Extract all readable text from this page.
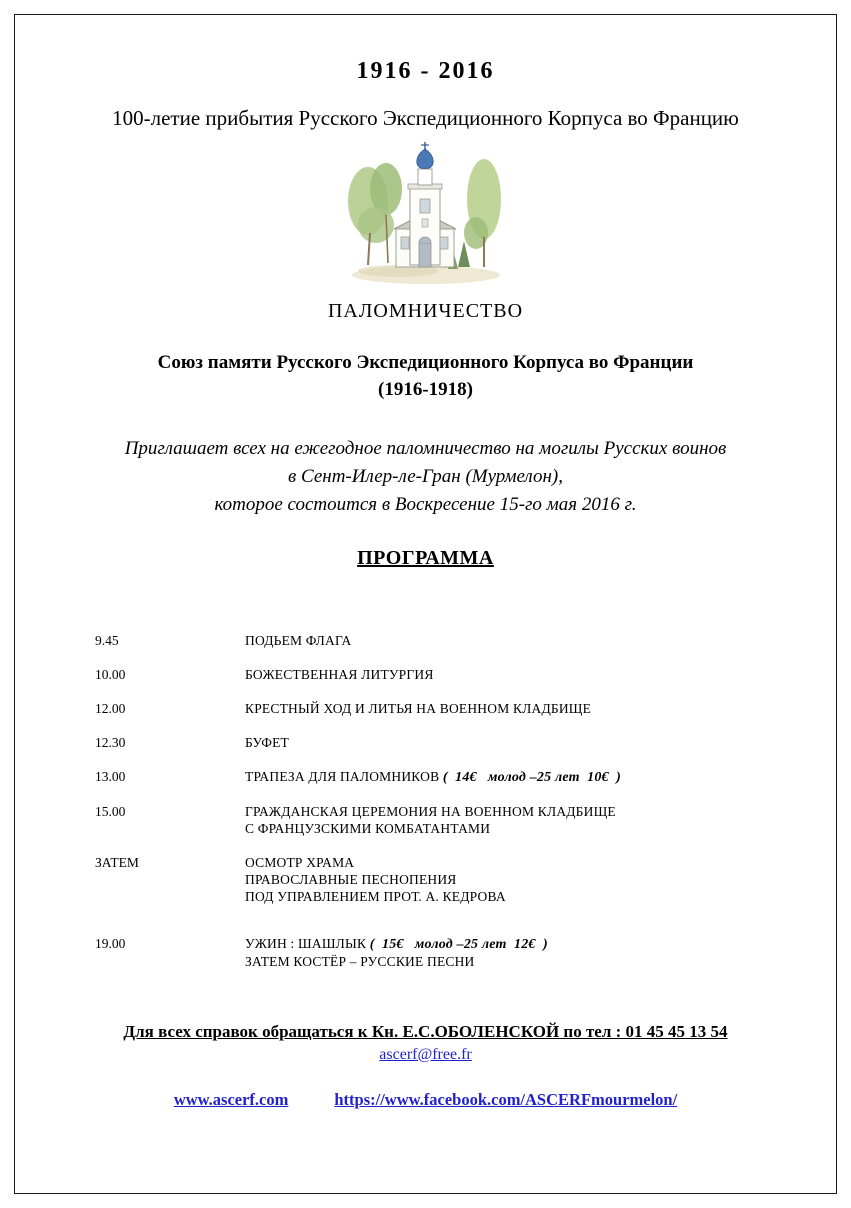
1916 - 2016
100-летие прибытия Русского Экспедиционного Корпуса во Францию
ПАЛОМНИЧЕСТВО
Союз памяти Русского Экспедиционного Корпуса во Франции
(1916-1918)
Приглашает всех на ежегодное паломничество на могилы Русских воинов
в Сент-Илер-ле-Гран (Мурмелон),
которое состоится в Воскресение 15-го мая 2016 г.
ПРОГРАММА
9.45	ПОДЬЕМ ФЛАГА
10.00	БОЖЕСТВЕННАЯ ЛИТУРГИЯ
12.00	КРЕСТНЫЙ ХОД И ЛИТЬЯ НА ВОЕННОМ КЛАДБИЩЕ
12.30	БУФЕТ
13.00	ТРАПЕЗА ДЛЯ ПАЛОМНИКОВ (  14€   молод –25 лет  10€  )
15.00	ГРАЖДАНСКАЯ ЦЕРЕМОНИЯ НА ВОЕННОМ КЛАДБИЩЕ
С ФРАНЦУЗСКИМИ КОМБАТАНТАМИ
ЗАТЕМ	ОСМОТР ХРАМА
ПРАВОСЛАВНЫЕ ПЕСНОПЕНИЯ
ПОД УПРАВЛЕНИЕМ ПРОТ. А. КЕДРОВА
19.00	УЖИН : ШАШЛЫК (  15€   молод –25 лет  12€  )
ЗАТЕМ КОСТЁР – РУССКИЕ ПЕСНИ
Для всех справок обращаться к Кн. Е.С.ОБОЛЕНСКОЙ по тел : 01 45 45 13 54
ascerf@free.fr
www.ascerf.com	https://www.facebook.com/ASCERFmourmelon/
